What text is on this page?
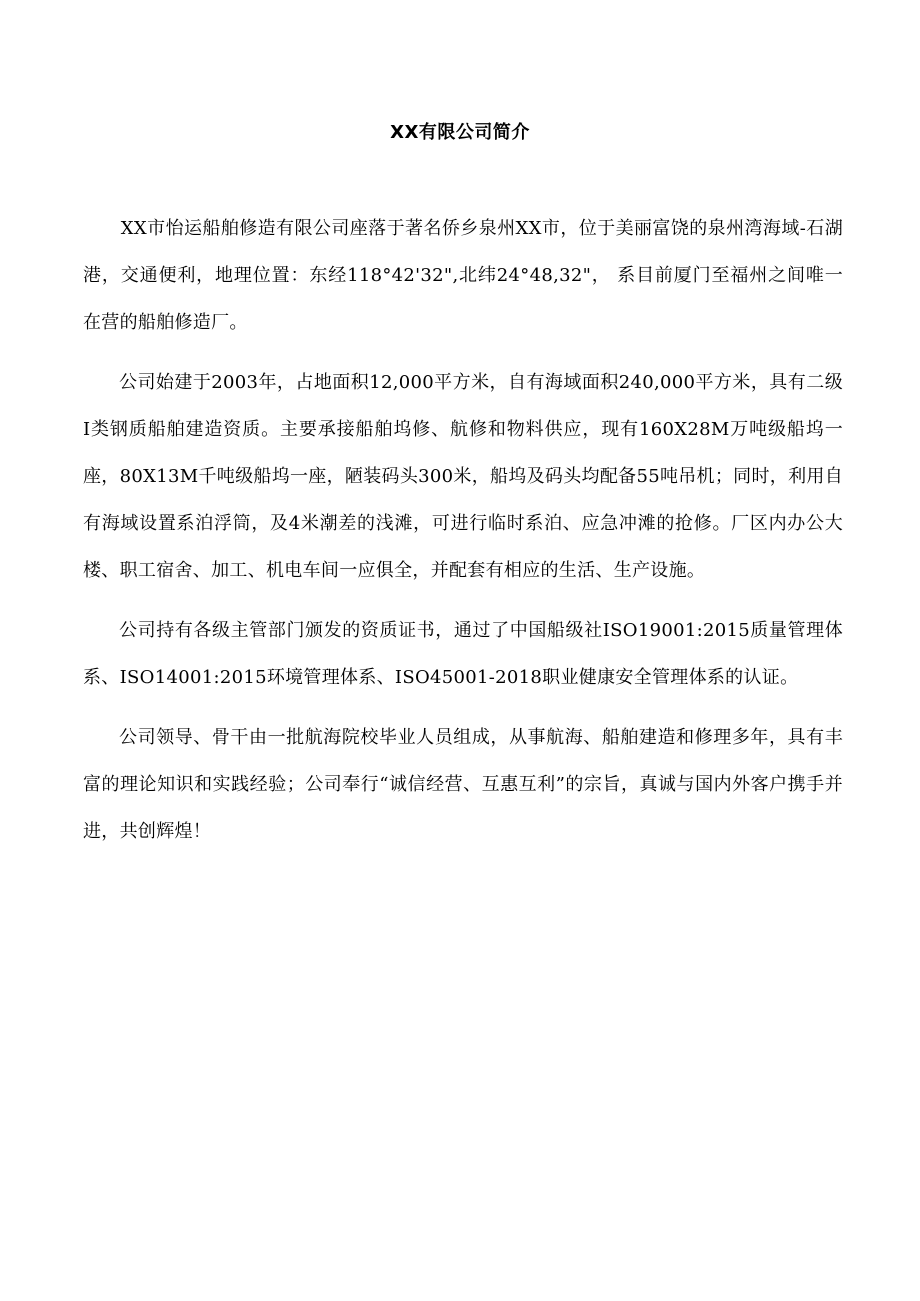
XX有限公司简介

XX市怡运船舶修造有限公司座落于著名侨乡泉州XX市，位于美丽富饶的泉州湾海域-石湖港，交通便利，地理位置：东经118°42'32",北纬24°48,32"， 系目前厦门至福州之间唯一在营的船舶修造厂。

公司始建于2003年，占地面积12,000平方米，自有海域面积240,000平方米，具有二级I类钢质船舶建造资质。主要承接船舶坞修、航修和物料供应，现有160X28M万吨级船坞一座，80X13M千吨级船坞一座，陋装码头300米，船坞及码头均配备55吨吊机；同时，利用自有海域设置系泊浮筒，及4米潮差的浅滩，可进行临时系泊、应急冲滩的抢修。厂区内办公大楼、职工宿舍、加工、机电车间一应俱全，并配套有相应的生活、生产设施。

公司持有各级主管部门颁发的资质证书，通过了中国船级社ISO19001:2015质量管理体系、ISO14001:2015环境管理体系、ISO45001-2018职业健康安全管理体系的认证。

公司领导、骨干由一批航海院校毕业人员组成，从事航海、船舶建造和修理多年，具有丰富的理论知识和实践经验；公司奉行“诚信经营、互惠互利”的宗旨，真诚与国内外客户携手并进，共创辉煌！
